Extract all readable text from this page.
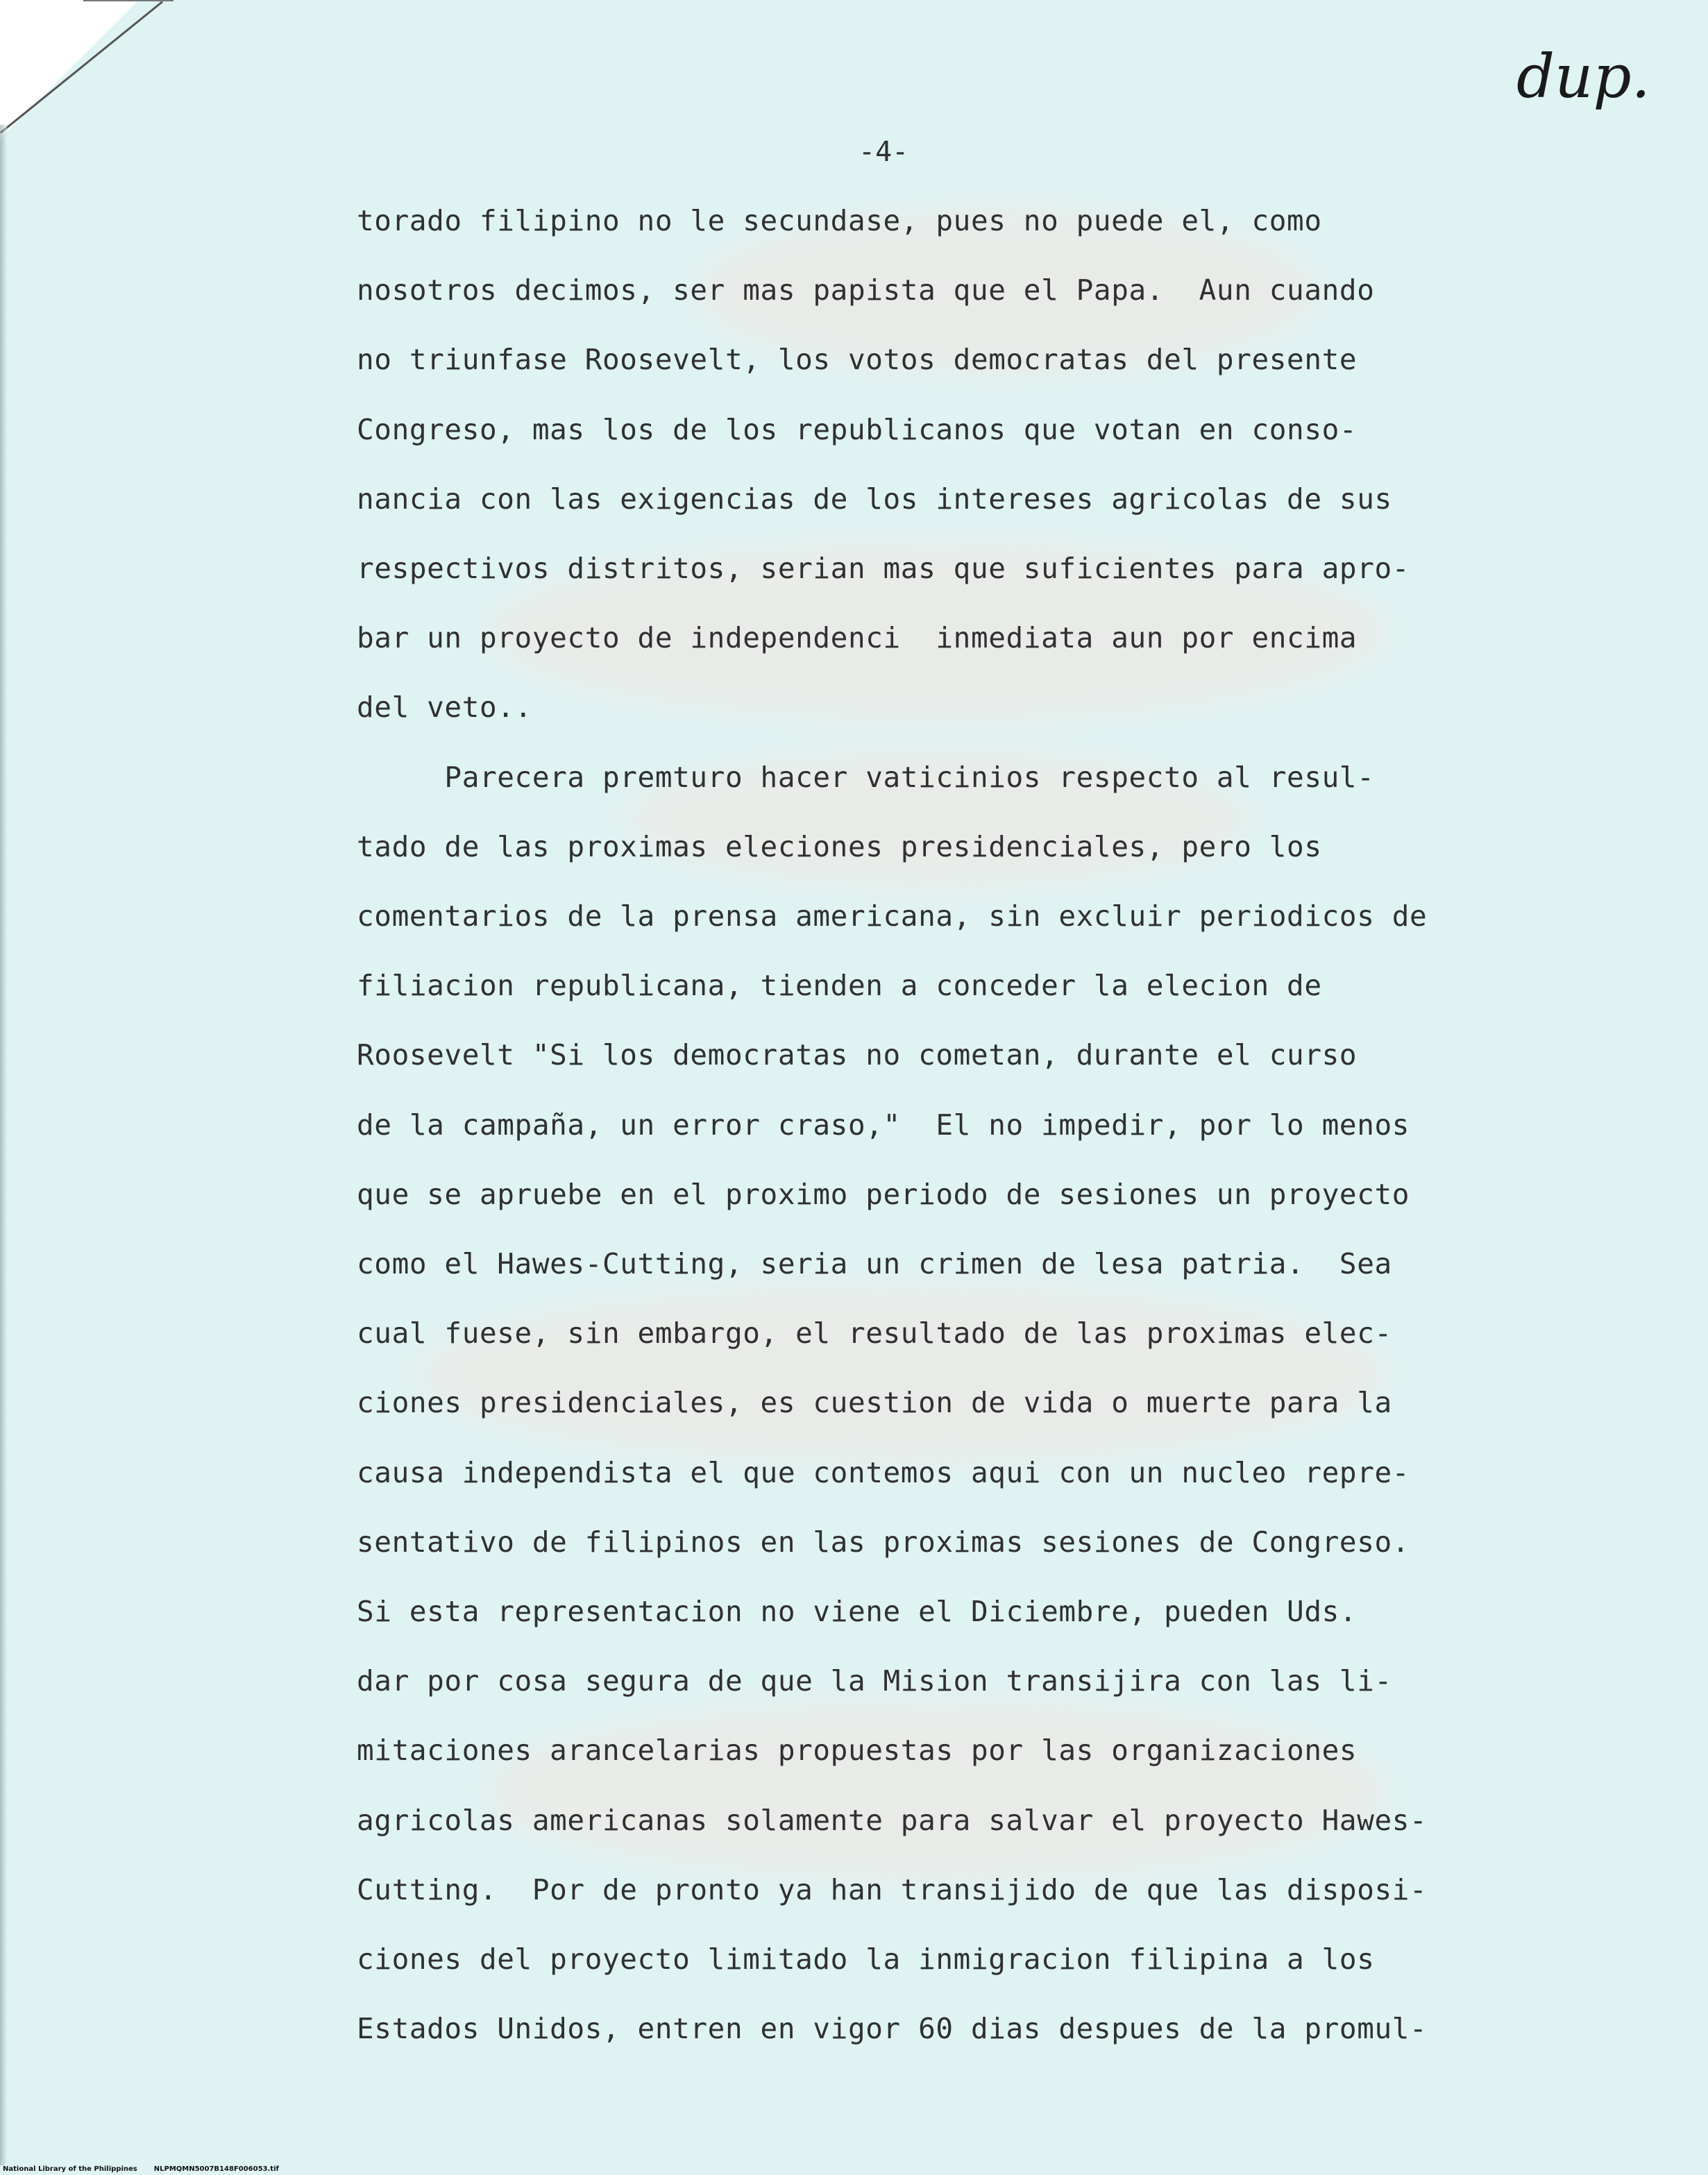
dup.
-4-
torado filipino no le secundase, pues no puede el, como
nosotros decimos, ser mas papista que el Papa.  Aun cuando
no triunfase Roosevelt, los votos democratas del presente
Congreso, mas los de los republicanos que votan en conso-
nancia con las exigencias de los intereses agricolas de sus
respectivos distritos, serian mas que suficientes para apro-
bar un proyecto de independenci  inmediata aun por encima
del veto..
Parecera premturo hacer vaticinios respecto al resul-
tado de las proximas eleciones presidenciales, pero los
comentarios de la prensa americana, sin excluir periodicos de
filiacion republicana, tienden a conceder la elecion de
Roosevelt "Si los democratas no cometan, durante el curso
de la campaña, un error craso,"  El no impedir, por lo menos
que se apruebe en el proximo periodo de sesiones un proyecto
como el Hawes-Cutting, seria un crimen de lesa patria.  Sea
cual fuese, sin embargo, el resultado de las proximas elec-
ciones presidenciales, es cuestion de vida o muerte para la
causa independista el que contemos aqui con un nucleo repre-
sentativo de filipinos en las proximas sesiones de Congreso.
Si esta representacion no viene el Diciembre, pueden Uds.
dar por cosa segura de que la Mision transijira con las li-
mitaciones arancelarias propuestas por las organizaciones
agricolas americanas solamente para salvar el proyecto Hawes-
Cutting.  Por de pronto ya han transijido de que las disposi-
ciones del proyecto limitado la inmigracion filipina a los
Estados Unidos, entren en vigor 60 dias despues de la promul-
National Library of the Philippines NLPMQMN5007B148F006053.tif
